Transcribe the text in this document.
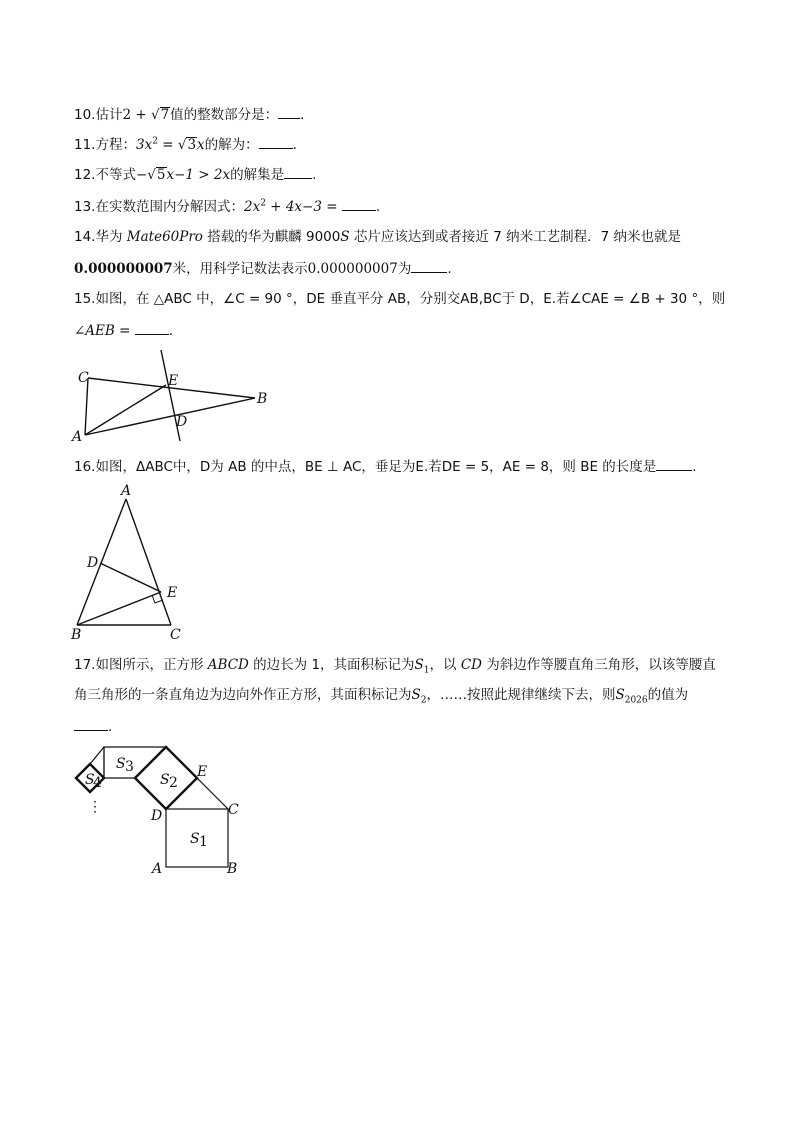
10.估计2 + √7值的整数部分是： .
11.方程：$3x^2 = √3x$的解为：	.
12.不等式−√5x−1 > 2x的解集是 .
13.在实数范围内分解因式：$2x^2 + 4x-3$ =	.
14.华为 Mate60Pro 搭载的华为麒麟 9000S 芯片应该达到或者接近 7 纳米工艺制程．7 纳米也就是
0.000000007米，用科学记数法表示0.000000007为	.
15.如图，在 △ABC 中，∠C = 90 °，DE 垂直平分 AB，分别交AB,BC于 D，E.若∠CAE = ∠B + 30 °，则
∠AEB =	.
C	E
B
A
D
16.如图，ΔABC中，D为 AB 的中点，BE ⊥ AC，垂足为E.若DE = 5，AE = 8，则 BE 的长度是	.
A
D
E
B	C
17.如图所示，正方形 ABCD 的边长为 1，其面积标记为$S_1$，以 CD 为斜边作等腰直角三角形，以该等腰直
角三角形的一条直角边为边向外作正方形，其面积标记为$S_2$，……按照此规律继续下去，则$S_{2026}$的值为
.
S
4
S 3
S 2
S 1
E
D	C
A	B
⋮
